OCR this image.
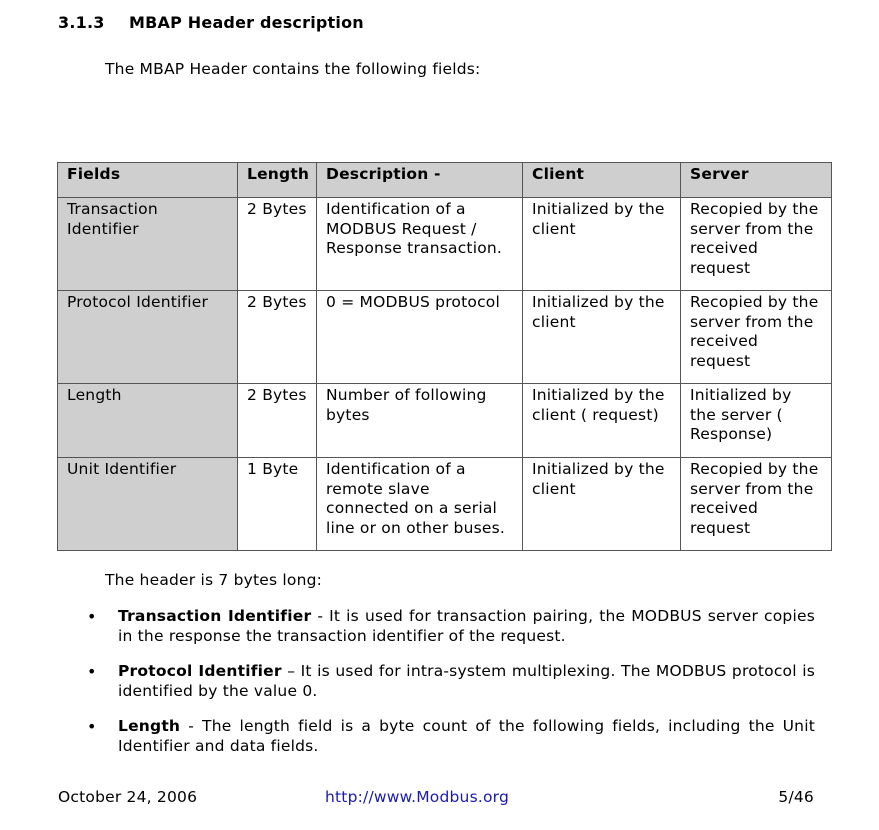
3.1.3	MBAP Header description
The MBAP Header contains the following fields:
Fields	Length	Description -	Client	Server
Transaction Identifier	2 Bytes	Identification of a MODBUS Request / Response transaction.	Initialized by the client	Recopied by the server from the received request
Protocol Identifier	2 Bytes	0 = MODBUS protocol	Initialized by the client	Recopied by the server from the received request
Length	2 Bytes	Number of following bytes	Initialized by the client ( request)	Initialized by the server ( Response)
Unit Identifier	1 Byte	Identification of a remote slave connected on a serial line or on other buses.	Initialized by the client	Recopied by the server from the received request
The header is 7 bytes long:
•	Transaction Identifier - It is used for transaction pairing, the MODBUS server copies in the response the transaction identifier of the request.
•	Protocol Identifier – It is used for intra-system multiplexing. The MODBUS protocol is identified by the value 0.
•	Length - The length field is a byte count of the following fields, including the Unit Identifier and data fields.
October 24, 2006	http://www.Modbus.org	5/46
